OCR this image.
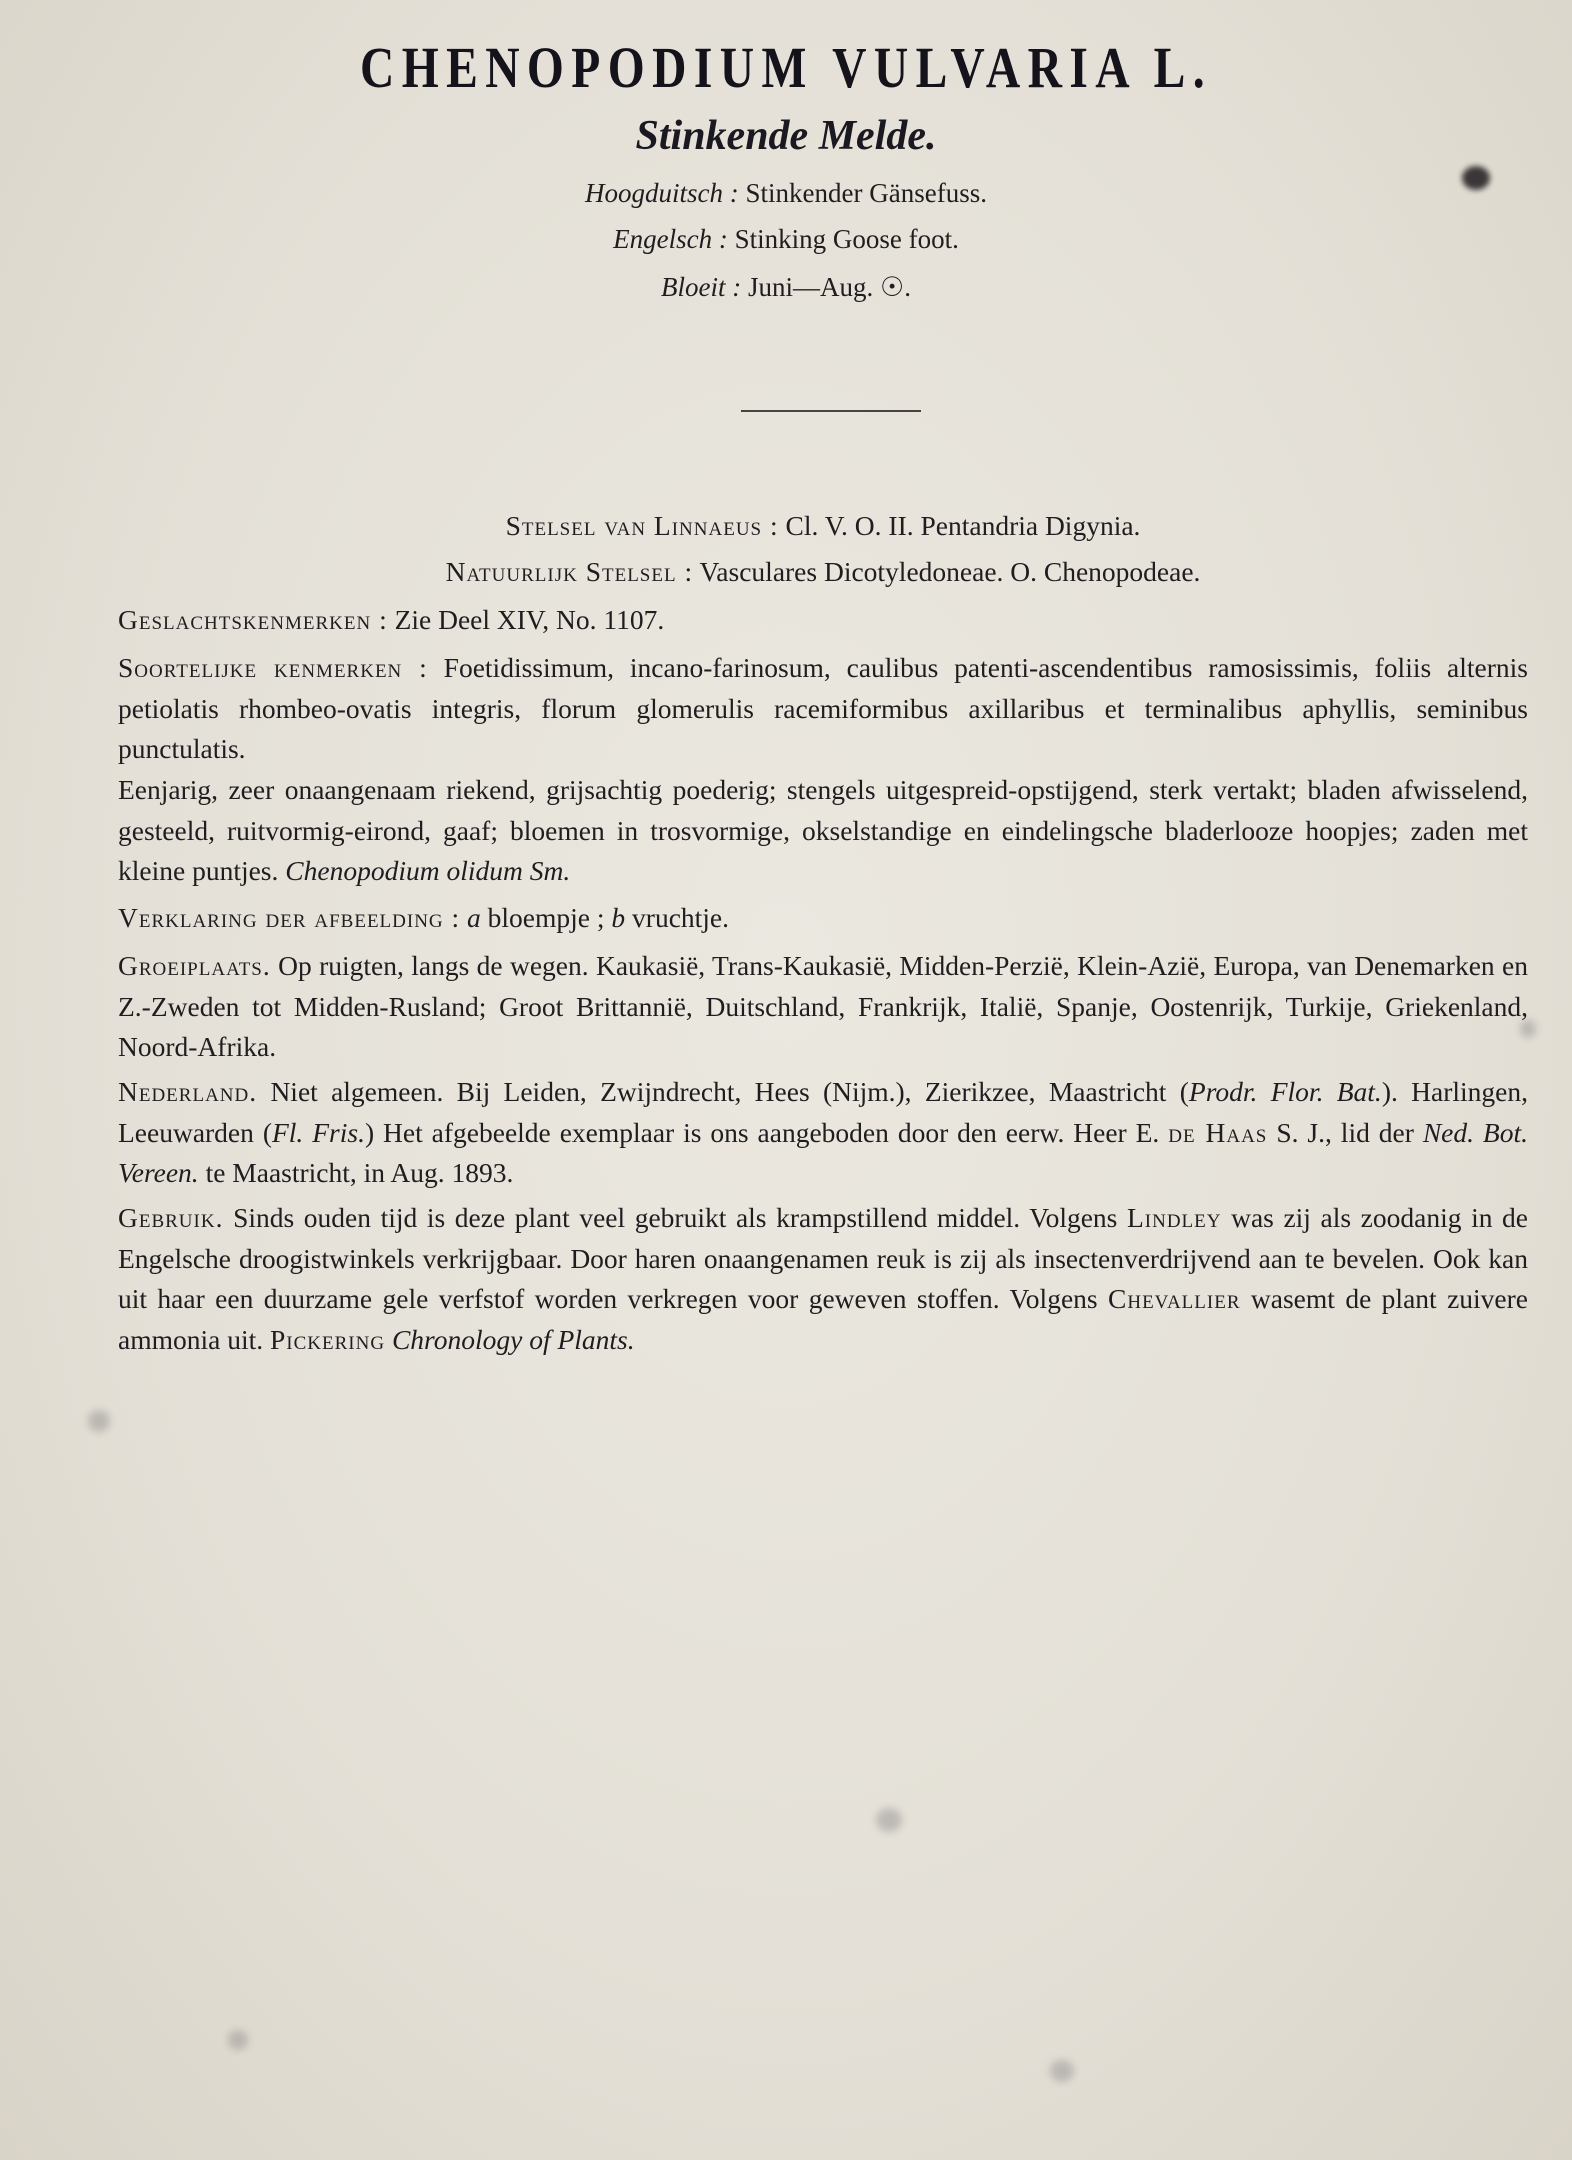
CHENOPODIUM VULVARIA L.
Stinkende Melde.
Hoogduitsch : Stinkender Gänsefuss.
Engelsch : Stinking Goose foot.
Bloeit : Juni—Aug. ☉.
Stelsel van Linnaeus : Cl. V. O. II. Pentandria Digynia.
Natuurlijk Stelsel : Vasculares Dicotyledoneae. O. Chenopodeae.
Geslachtskenmerken : Zie Deel XIV, No. 1107.
Soortelijke kenmerken : Foetidissimum, incano-farinosum, caulibus patenti-ascendentibus ramosissimis, foliis alternis petiolatis rhombeo-ovatis integris, florum glomerulis racemiformibus axillaribus et terminalibus aphyllis, seminibus punctulatis.
Eenjarig, zeer onaangenaam riekend, grijsachtig poederig; stengels uitgespreid-opstijgend, sterk vertakt; bladen afwisselend, gesteeld, ruitvormig-eirond, gaaf; bloemen in trosvormige, okselstandige en eindelingsche bladerlooze hoopjes; zaden met kleine puntjes. Chenopodium olidum Sm.
Verklaring der afbeelding : a bloempje ; b vruchtje.
Groeiplaats. Op ruigten, langs de wegen. Kaukasië, Trans-Kaukasië, Midden-Perzië, Klein-Azië, Europa, van Denemarken en Z.-Zweden tot Midden-Rusland; Groot Brittannië, Duitschland, Frankrijk, Italië, Spanje, Oostenrijk, Turkije, Griekenland, Noord-Afrika.
Nederland. Niet algemeen. Bij Leiden, Zwijndrecht, Hees (Nijm.), Zierikzee, Maastricht (Prodr. Flor. Bat.). Harlingen, Leeuwarden (Fl. Fris.) Het afgebeelde exemplaar is ons aangeboden door den eerw. Heer E. de Haas S. J., lid der Ned. Bot. Vereen. te Maastricht, in Aug. 1893.
Gebruik. Sinds ouden tijd is deze plant veel gebruikt als krampstillend middel. Volgens Lindley was zij als zoodanig in de Engelsche droogistwinkels verkrijgbaar. Door haren onaangenamen reuk is zij als insectenverdrijvend aan te bevelen. Ook kan uit haar een duurzame gele verfstof worden verkregen voor geweven stoffen. Volgens Chevallier wasemt de plant zuivere ammonia uit. Pickering Chronology of Plants.
